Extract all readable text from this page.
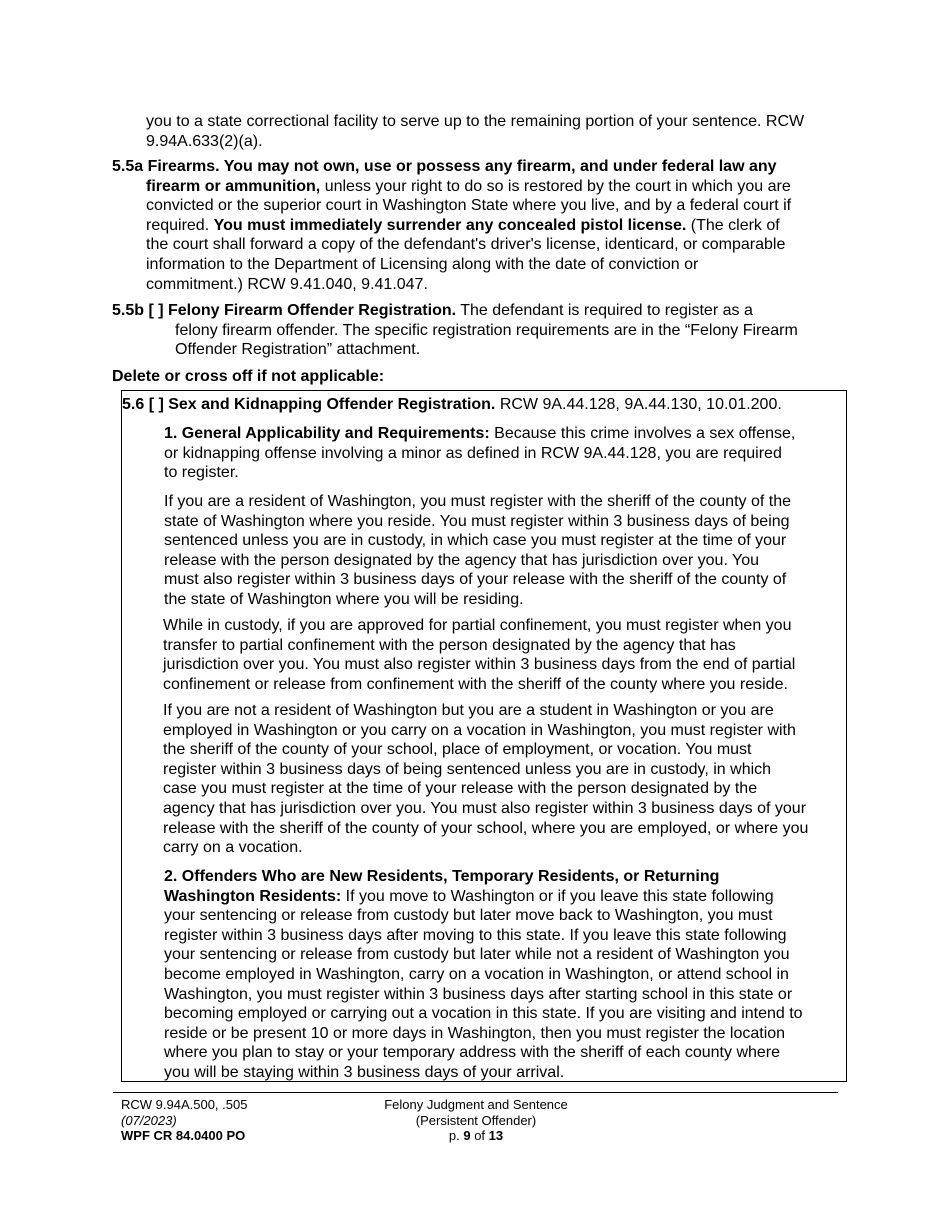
you to a state correctional facility to serve up to the remaining portion of your sentence. RCW
9.94A.633(2)(a).
5.5a Firearms. You may not own, use or possess any firearm, and under federal law any
firearm or ammunition, unless your right to do so is restored by the court in which you are
convicted or the superior court in Washington State where you live, and by a federal court if
required. You must immediately surrender any concealed pistol license. (The clerk of
the court shall forward a copy of the defendant's driver's license, identicard, or comparable
information to the Department of Licensing along with the date of conviction or
commitment.) RCW 9.41.040, 9.41.047.
5.5b [ ] Felony Firearm Offender Registration. The defendant is required to register as a
felony firearm offender. The specific registration requirements are in the “Felony Firearm
Offender Registration” attachment.
Delete or cross off if not applicable:
5.6 [ ] Sex and Kidnapping Offender Registration. RCW 9A.44.128, 9A.44.130, 10.01.200.
1. General Applicability and Requirements: Because this crime involves a sex offense,
or kidnapping offense involving a minor as defined in RCW 9A.44.128, you are required
to register.
If you are a resident of Washington, you must register with the sheriff of the county of the
state of Washington where you reside. You must register within 3 business days of being
sentenced unless you are in custody, in which case you must register at the time of your
release with the person designated by the agency that has jurisdiction over you. You
must also register within 3 business days of your release with the sheriff of the county of
the state of Washington where you will be residing.
While in custody, if you are approved for partial confinement, you must register when you
transfer to partial confinement with the person designated by the agency that has
jurisdiction over you. You must also register within 3 business days from the end of partial
confinement or release from confinement with the sheriff of the county where you reside.
If you are not a resident of Washington but you are a student in Washington or you are
employed in Washington or you carry on a vocation in Washington, you must register with
the sheriff of the county of your school, place of employment, or vocation. You must
register within 3 business days of being sentenced unless you are in custody, in which
case you must register at the time of your release with the person designated by the
agency that has jurisdiction over you. You must also register within 3 business days of your
release with the sheriff of the county of your school, where you are employed, or where you
carry on a vocation.
2. Offenders Who are New Residents, Temporary Residents, or Returning
Washington Residents: If you move to Washington or if you leave this state following
your sentencing or release from custody but later move back to Washington, you must
register within 3 business days after moving to this state. If you leave this state following
your sentencing or release from custody but later while not a resident of Washington you
become employed in Washington, carry on a vocation in Washington, or attend school in
Washington, you must register within 3 business days after starting school in this state or
becoming employed or carrying out a vocation in this state. If you are visiting and intend to
reside or be present 10 or more days in Washington, then you must register the location
where you plan to stay or your temporary address with the sheriff of each county where
you will be staying within 3 business days of your arrival.
RCW 9.94A.500, .505
(07/2023)
WPF CR 84.0400 PO
Felony Judgment and Sentence
(Persistent Offender)
p. 9 of 13
